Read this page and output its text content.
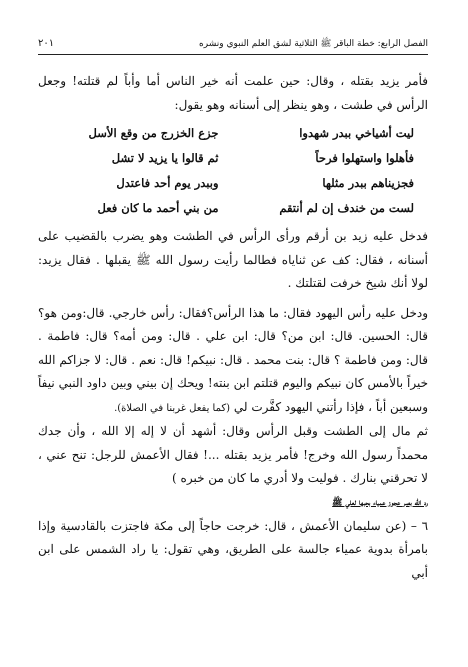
الفصل الرابع: خطة الباقر ﷺ الثلاثية لشق العلم النبوي ونشره
٢٠١

فأمر يزيد بقتله ، وقال: حين علمت أنه خير الناس أما وأباً لم قتلته! وجعل الرأس في طشت ، وهو ينظر إلى أسنانه وهو يقول:

ليت أشياخي ببدر شهدوا
جزع الخزرج من وقع الأسل
فأهلوا واستهلوا فرحاً
ثم قالوا يا يزيد لا تشل
فجزيناهم ببدر مثلها
وببدر يوم أحد فاعتدل
لست من خندف إن لم أنتقم
من بني أحمد ما كان فعل

فدخل عليه زيد بن أرقم ورأى الرأس في الطشت وهو يضرب بالقضيب على أسنانه ، فقال: كف عن ثناياه فطالما رأيت رسول الله ﷺ يقبلها . فقال يزيد: لولا أنك شيخ خرفت لقتلتك .

ودخل عليه رأس اليهود فقال: ما هذا الرأس؟فقال: رأس خارجي. قال:ومن هو؟ قال: الحسين. قال: ابن من؟ قال: ابن علي . قال: ومن أمه؟ قال: فاطمة . قال: ومن فاطمة ؟ قال: بنت محمد . قال: نبيكم! قال: نعم . قال: لا جزاكم الله خيراً بالأمس كان نبيكم واليوم قتلتم ابن بنته! ويحك إن بيني وبين داود النبي نيفاً وسبعين أباً ، فإذا رأتني اليهود كفَّرت لي (كما يفعل غربنا في الصلاة).

ثم مال إلى الطشت وقبل الرأس وقال: أشهد أن لا إله إلا الله ، وأن جدك محمداً رسول الله وخرج! فأمر يزيد بقتله ...! فقال الأعمش للرجل: تنح عني ، لا تحرقني بنارك . فوليت ولا أدري ما كان من خبره )

رد الله بصر عجوز عمياء بحبها لعلي ﷺ

٦ – (عن سليمان الأعمش ، قال: خرجت حاجاً إلى مكة فاجتزت بالقادسية وإذا بامرأة بدوية عمياء جالسة على الطريق، وهي تقول: يا راد الشمس على ابن أبي
